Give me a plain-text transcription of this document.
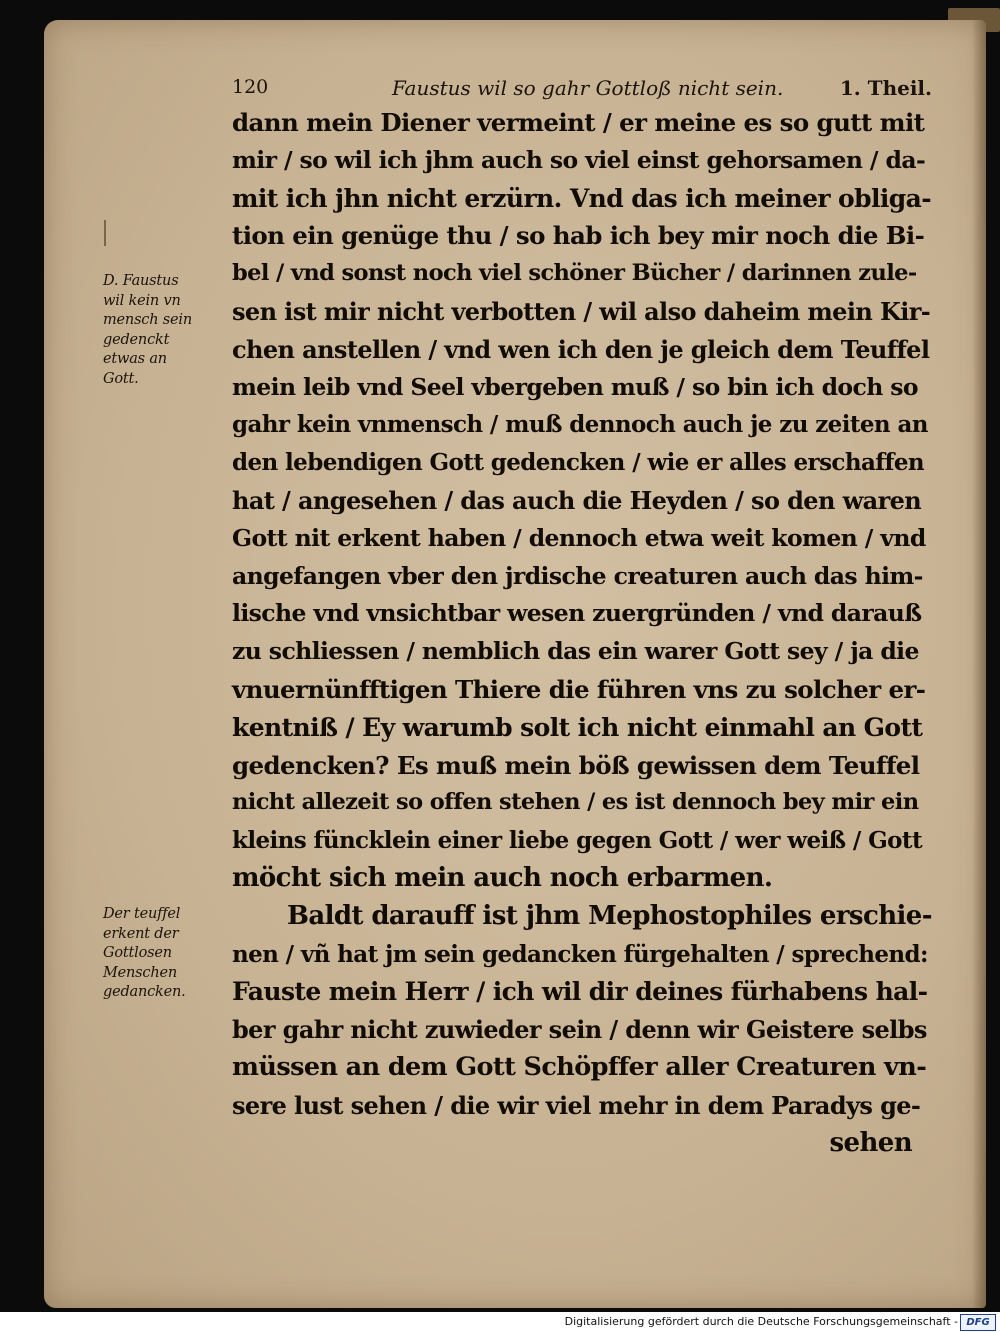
120	Faustus wil so gahr Gottloß nicht sein.	1. Theil.
D. Faustus
wil kein vn
mensch sein
gedenckt
etwas an
Gott.
Der teuffel
erkent der
Gottlosen
Menschen
gedancken.
dann mein Diener vermeint / er meine es so gutt mit
mir / so wil ich jhm auch so viel einst gehorsamen / da-
mit ich jhn nicht erzürn. Vnd das ich meiner obliga-
tion ein genüge thu / so hab ich bey mir noch die Bi-
bel / vnd sonst noch viel schöner Bücher / darinnen zule-
sen ist mir nicht verbotten / wil also daheim mein Kir-
chen anstellen / vnd wen ich den je gleich dem Teuffel
mein leib vnd Seel vbergeben muß / so bin ich doch so
gahr kein vnmensch / muß dennoch auch je zu zeiten an
den lebendigen Gott gedencken / wie er alles erschaffen
hat / angesehen / das auch die Heyden / so den waren
Gott nit erkent haben / dennoch etwa weit komen / vnd
angefangen vber den jrdische creaturen auch das him-
lische vnd vnsichtbar wesen zuergründen / vnd darauß
zu schliessen / nemblich das ein warer Gott sey / ja die
vnuernünfftigen Thiere die führen vns zu solcher er-
kentniß / Ey warumb solt ich nicht einmahl an Gott
gedencken? Es muß mein böß gewissen dem Teuffel
nicht allezeit so offen stehen / es ist dennoch bey mir ein
kleins füncklein einer liebe gegen Gott / wer weiß / Gott
möcht sich mein auch noch erbarmen.
Baldt darauff ist jhm Mephostophiles erschie-
nen / vñ hat jm sein gedancken fürgehalten / sprechend:
Fauste mein Herr / ich wil dir deines fürhabens hal-
ber gahr nicht zuwieder sein / denn wir Geistere selbs
müssen an dem Gott Schöpffer aller Creaturen vn-
sere lust sehen / die wir viel mehr in dem Paradys ge-
sehen
Digitalisierung gefördert durch die Deutsche Forschungsgemeinschaft - DFG
